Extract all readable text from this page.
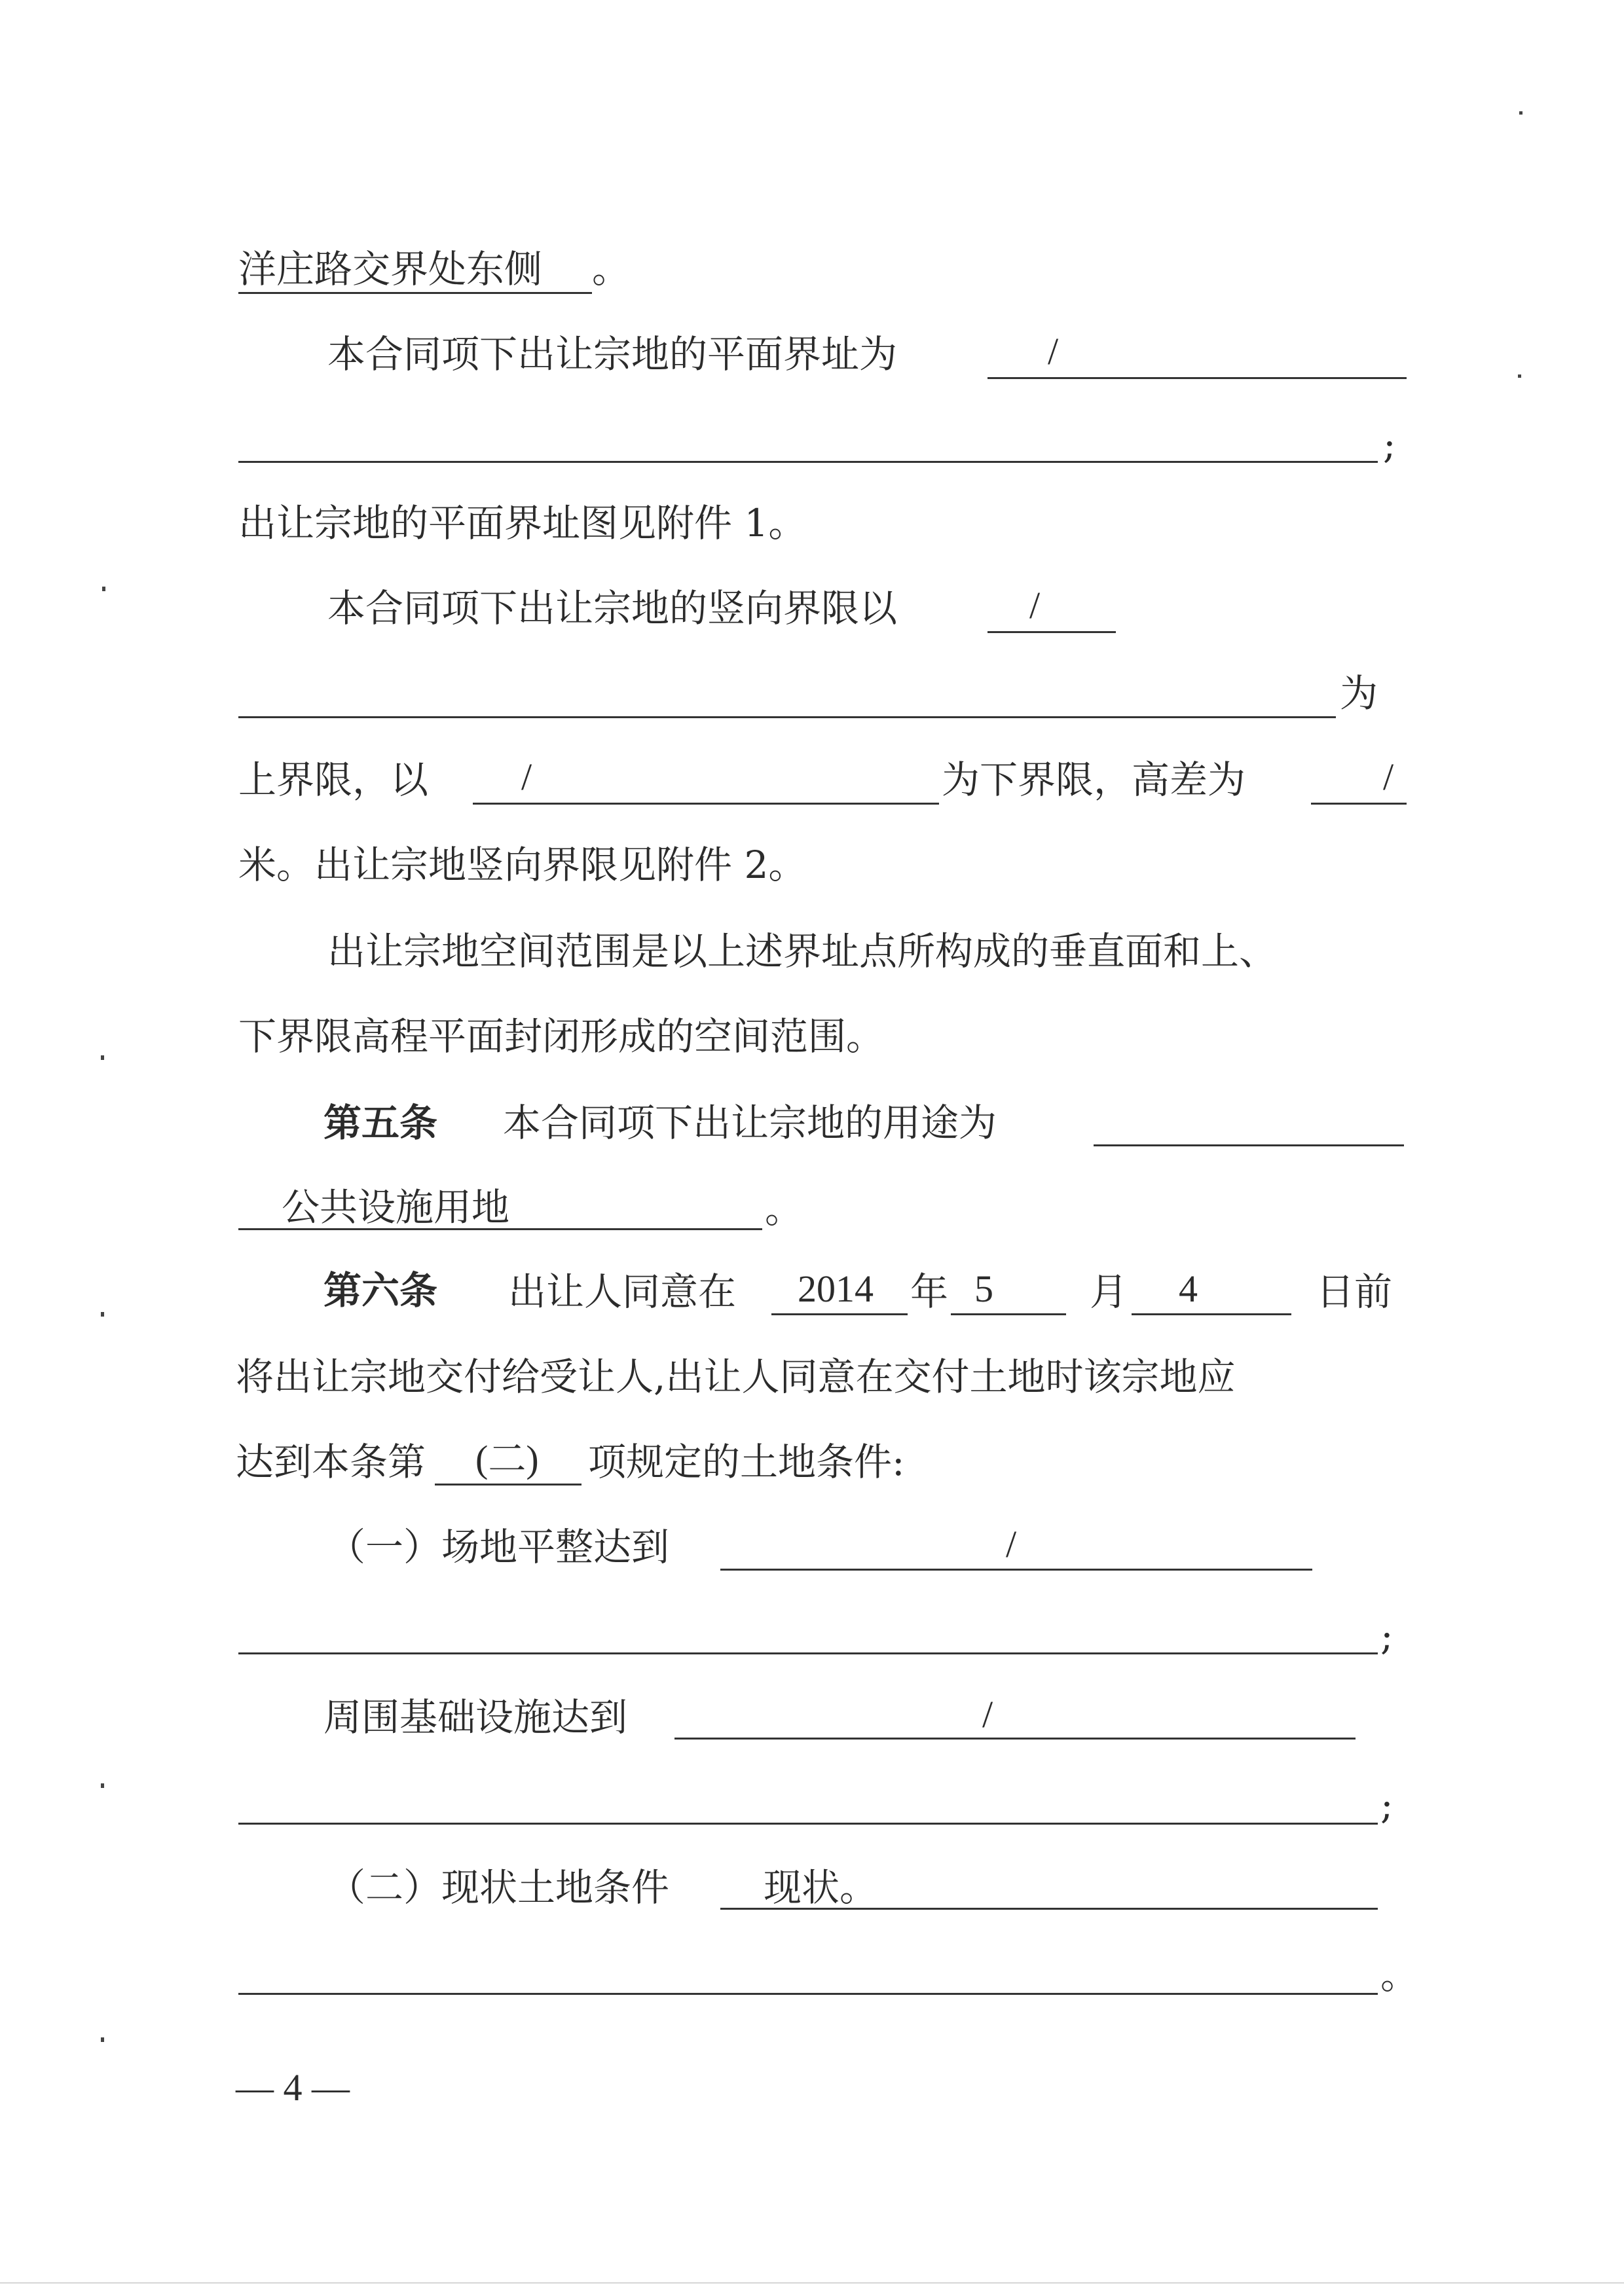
洋庄路交界处东侧 。
本合同项下出让宗地的平面界址为	/
;
出让宗地的平面界址图见附件 1。
本合同项下出让宗地的竖向界限以	/
为
上界限，以 /	为下界限，高差为	/
米。出让宗地竖向界限见附件 2。
出让宗地空间范围是以上述界址点所构成的垂直面和上、
下界限高程平面封闭形成的空间范围。
第五条 本合同项下出让宗地的用途为
公共设施用地	。
第六条 出让人同意在 2014 年 5	月 4	日前
将出让宗地交付给受让人,出让人同意在交付土地时该宗地应
达到本条第 (二) 项规定的土地条件:
（一）场地平整达到	/
;
周围基础设施达到	/
;
（二）现状土地条件 现状。
。
— 4 —
